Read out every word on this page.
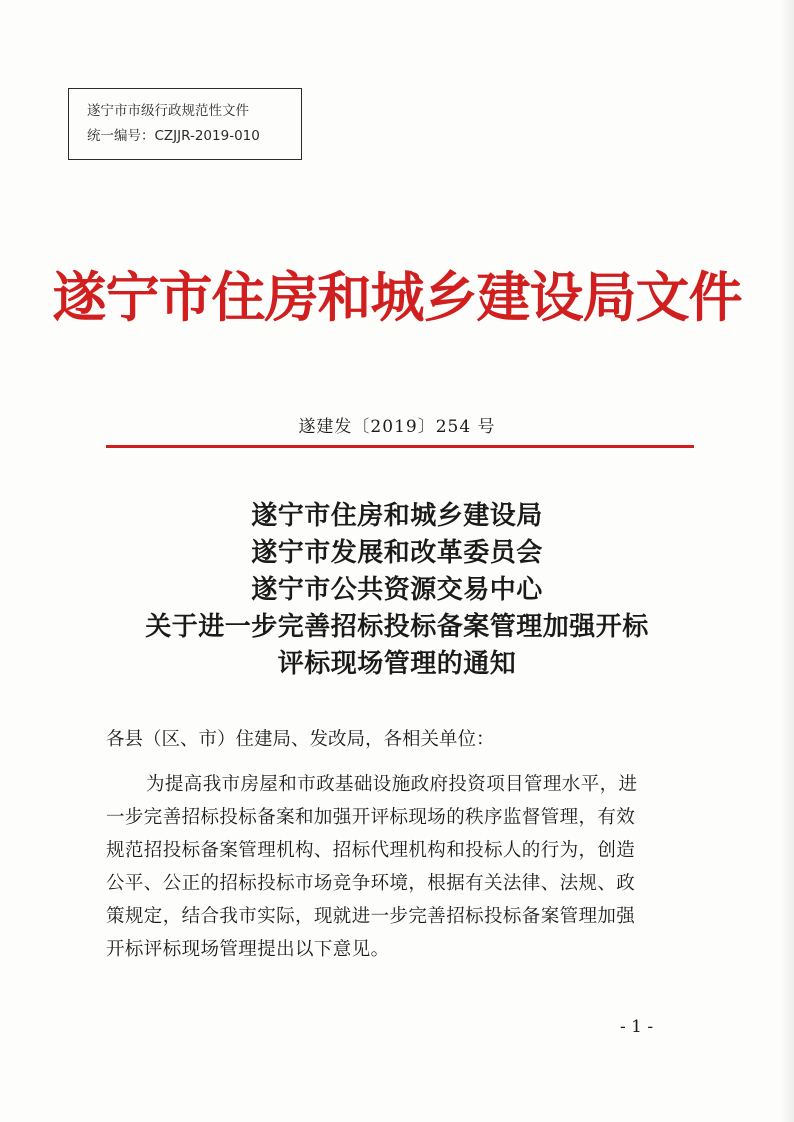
遂宁市市级行政规范性文件
统一编号：CZJJR-2019-010
遂宁市住房和城乡建设局文件
遂建发〔2019〕254 号
遂宁市住房和城乡建设局
遂宁市发展和改革委员会
遂宁市公共资源交易中心
关于进一步完善招标投标备案管理加强开标
评标现场管理的通知
各县（区、市）住建局、发改局，各相关单位：
为提高我市房屋和市政基础设施政府投资项目管理水平，进
一步完善招标投标备案和加强开评标现场的秩序监督管理，有效
规范招投标备案管理机构、招标代理机构和投标人的行为，创造
公平、公正的招标投标市场竞争环境，根据有关法律、法规、政
策规定，结合我市实际，现就进一步完善招标投标备案管理加强
开标评标现场管理提出以下意见。
- 1 -
